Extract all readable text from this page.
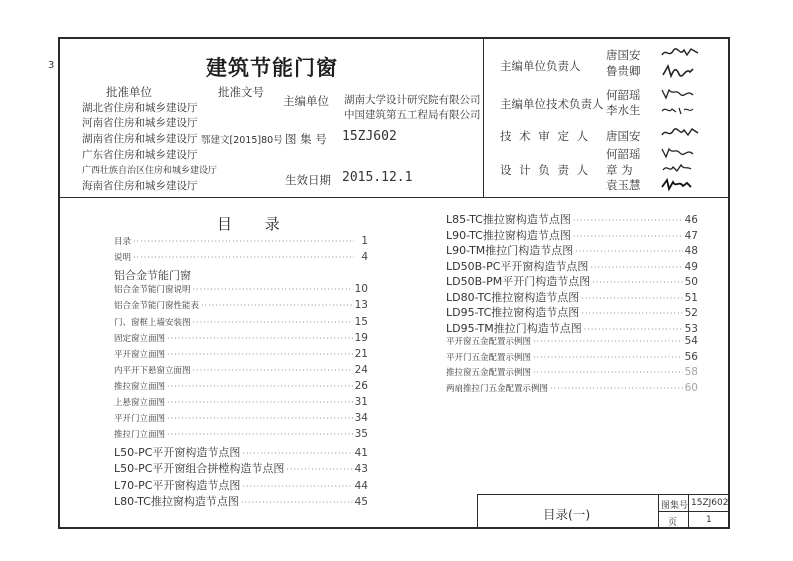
3	建筑节能门窗
批准单位	批准文号
主编单位 湖南大学设计研究院有限公司
中国建筑第五工程局有限公司
湖北省住房和城乡建设厅
河南省住房和城乡建设厅
湖南省住房和城乡建设厅
广东省住房和城乡建设厅
广西壮族自治区住房和城乡建设厅
海南省住房和城乡建设厅
鄂建文[2015]80号 图 集 号 15ZJ602
生效日期 2015.12.1
主编单位负责人
唐国安
鲁贵卿
主编单位技术负责人
何韶瑶
李水生
技 术 审 定 人 唐国安
设 计 负 责 人
何韶瑶
章 为
袁玉慧
目 录
目录 ·····	1
说明 ·····	4
铝合金节能门窗
铝合金节能门窗说明 ·····	10
铝合金节能门窗性能表 ·····	13
门、窗框上墙安装图 ·····	15
固定窗立面图 ·····	19
平开窗立面图 ·····	21
内平开下悬窗立面图 ·····	24
推拉窗立面图 ·····	26
上悬窗立面图 ·····	31
平开门立面图 ·····	34
推拉门立面图 ·····	35
L50-PC平开窗构造节点图 ·····	41
L50-PC平开窗组合拼樘构造节点图 ·····	43
L70-PC平开窗构造节点图 ·····	44
L80-TC推拉窗构造节点图 ·····	45
L85-TC推拉窗构造节点图 ·····	46
L90-TC推拉窗构造节点图 ·····	47
L90-TM推拉门构造节点图 ·····	48
LD50B-PC平开窗构造节点图 ·····	49
LD50B-PM平开门构造节点图 ·····	50
LD80-TC推拉窗构造节点图 ·····	51
LD95-TC推拉窗构造节点图 ·····	52
LD95-TM推拉门构造节点图 ·····	53
平开窗五金配置示例图 ·····	54
平开门五金配置示例图 ·····	56
推拉窗五金配置示例图 ·····	58
两扇推拉门五金配置示例图 ·····	60
目录(一)
图集号 15ZJ602
页	1
